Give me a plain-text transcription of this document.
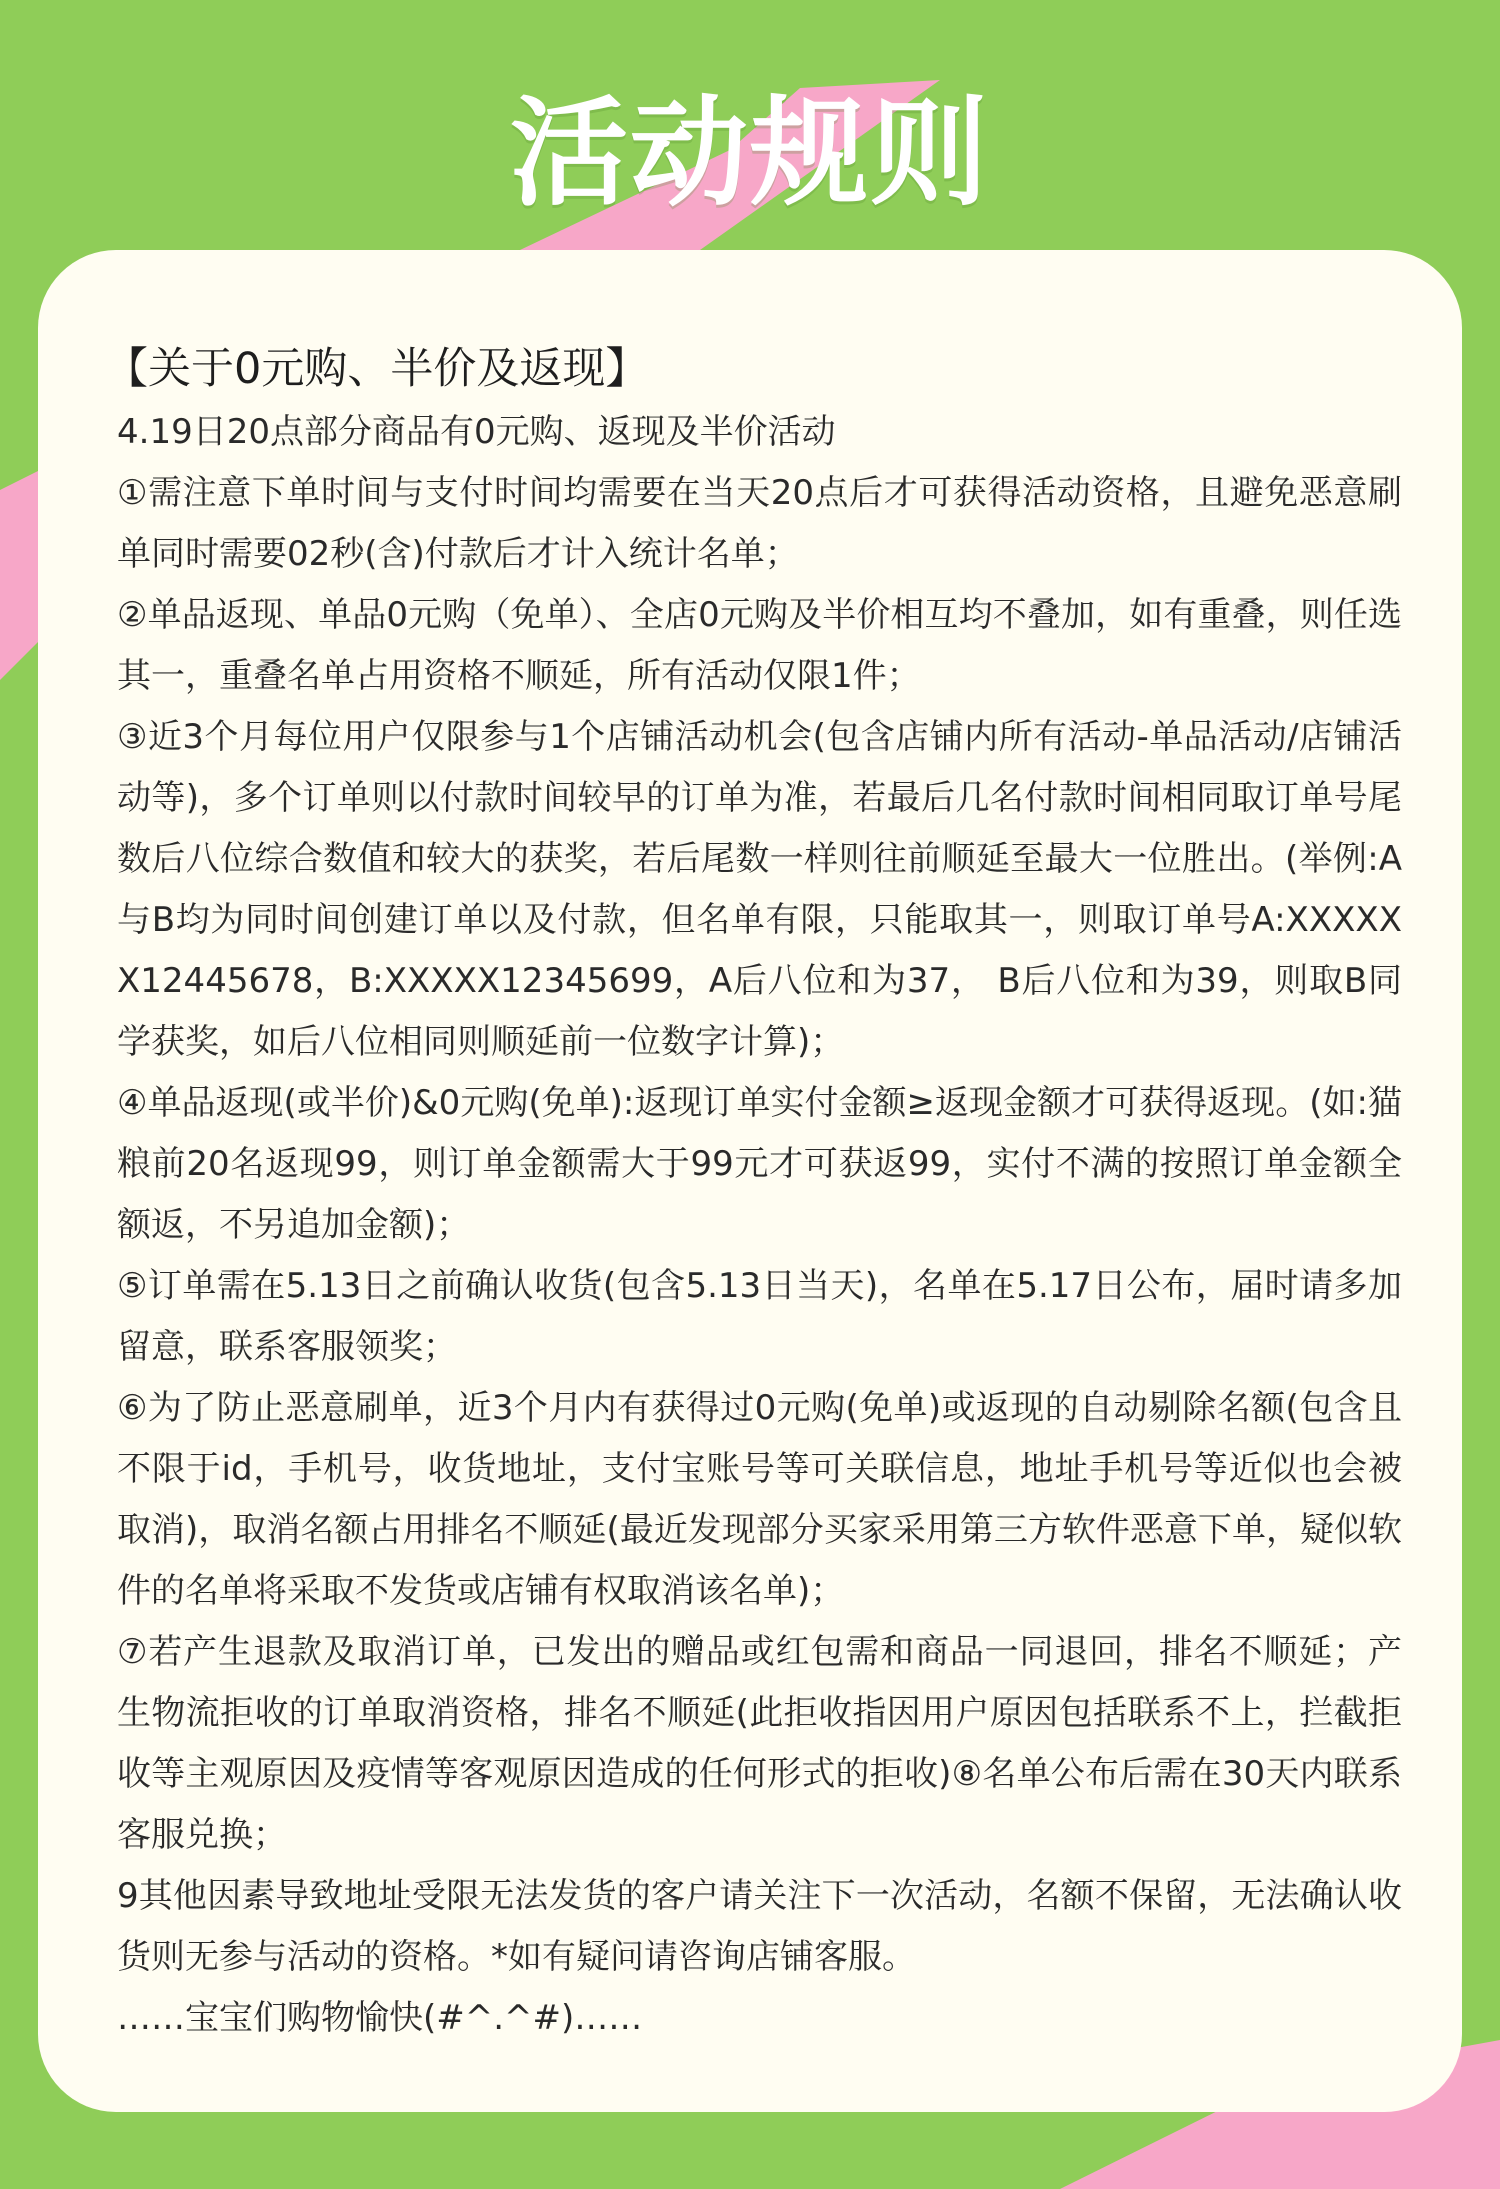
活动规则
【关于0元购、半价及返现】

4.19日20点部分商品有0元购、返现及半价活动

①需注意下单时间与支付时间均需要在当天20点后才可获得活动资格，且避免恶意刷单同时需要02秒(含)付款后才计入统计名单；

②单品返现、单品0元购（免单）、全店0元购及半价相互均不叠加，如有重叠，则任选其一，重叠名单占用资格不顺延，所有活动仅限1件；

③近3个月每位用户仅限参与1个店铺活动机会(包含店铺内所有活动-单品活动/店铺活动等)，多个订单则以付款时间较早的订单为准，若最后几名付款时间相同取订单号尾数后八位综合数值和较大的获奖，若后尾数一样则往前顺延至最大一位胜出。(举例:A与B均为同时间创建订单以及付款，但名单有限，只能取其一，则取订单号A:XXXXXX12445678，B:XXXXX12345699，A后八位和为37， B后八位和为39，则取B同学获奖，如后八位相同则顺延前一位数字计算)；

④单品返现(或半价)&0元购(免单):返现订单实付金额≥返现金额才可获得返现。(如:猫粮前20名返现99，则订单金额需大于99元才可获返99，实付不满的按照订单金额全额返，不另追加金额)；

⑤订单需在5.13日之前确认收货(包含5.13日当天)，名单在5.17日公布，届时请多加留意，联系客服领奖；

⑥为了防止恶意刷单，近3个月内有获得过0元购(免单)或返现的自动剔除名额(包含且不限于id，手机号，收货地址，支付宝账号等可关联信息，地址手机号等近似也会被取消)，取消名额占用排名不顺延(最近发现部分买家采用第三方软件恶意下单，疑似软件的名单将采取不发货或店铺有权取消该名单)；

⑦若产生退款及取消订单，已发出的赠品或红包需和商品一同退回，排名不顺延；产生物流拒收的订单取消资格，排名不顺延(此拒收指因用户原因包括联系不上，拦截拒收等主观原因及疫情等客观原因造成的任何形式的拒收)⑧名单公布后需在30天内联系客服兑换；

9其他因素导致地址受限无法发货的客户请关注下一次活动，名额不保留，无法确认收货则无参与活动的资格。*如有疑问请咨询店铺客服。

……宝宝们购物愉快(#^.^#)……
